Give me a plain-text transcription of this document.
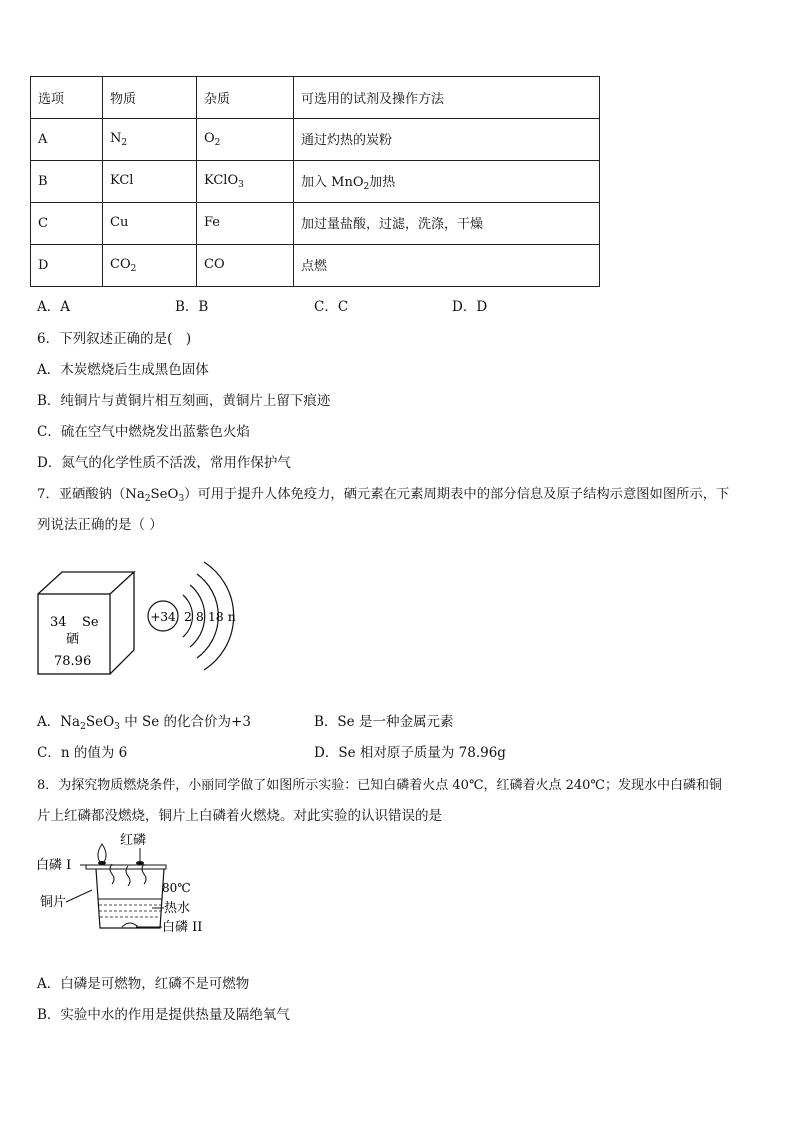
选项	物质	杂质	可选用的试剂及操作方法
A	$N_2$	$O_2$	通过灼热的炭粉
B	KCl	KClO$_3$	加入 MnO$_2$加热
C	Cu	Fe	加过量盐酸，过滤，洗涤，干燥
D	$CO_2$	CO	点燃
A．A	B．B	C．C	D．D
6．下列叙述正确的是(　)
A．木炭燃烧后生成黑色固体
B．纯铜片与黄铜片相互刻画，黄铜片上留下痕迹
C．硫在空气中燃烧发出蓝紫色火焰
D．氮气的化学性质不活泼，常用作保护气
7．亚硒酸钠$(Na_2SeO_3)$可用于提升人体免疫力，硒元素在元素周期表中的部分信息及原子结构示意图如图所示，下
列说法正确的是（ ）
34 Se
硒
78.96
+34 2 8 18 n
A．$Na_2SeO_3$ 中 Se 的化合价为+3	B．Se 是一种金属元素
C．n 的值为 6	D．Se 相对原子质量为 78.96g
8．为探究物质燃烧条件，小丽同学做了如图所示实验：已知白磷着火点 40℃，红磷着火点 240℃；发现水中白磷和铜
片上红磷都没燃烧，铜片上白磷着火燃烧。对此实验的认识错误的是
红磷
白磷 I
铜片
80℃
热水
白磷 II
A．白磷是可燃物，红磷不是可燃物
B．实验中水的作用是提供热量及隔绝氧气
